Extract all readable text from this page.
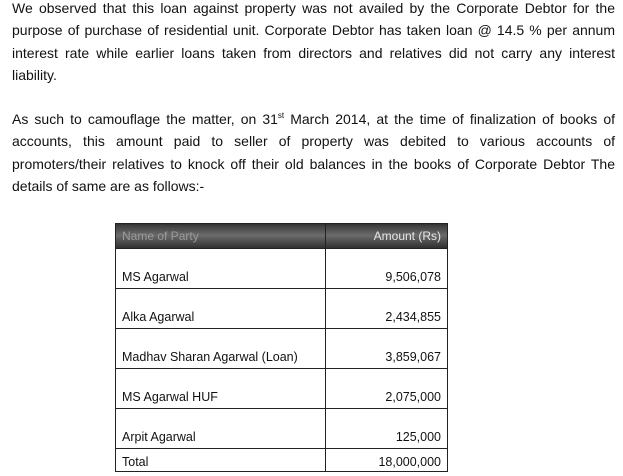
We observed that this loan against property was not availed by the Corporate Debtor for the purpose of purchase of residential unit. Corporate Debtor has taken loan @ 14.5 % per annum interest rate while earlier loans taken from directors and relatives did not carry any interest liability.

As such to camouflage the matter, on 31st March 2014, at the time of finalization of books of accounts, this amount paid to seller of property was debited to various accounts of promoters/their relatives to knock off their old balances in the books of Corporate Debtor The details of same are as follows:-

Name of Party	Amount (Rs)
MS Agarwal	9,506,078
Alka Agarwal	2,434,855
Madhav Sharan Agarwal (Loan)	3,859,067
MS Agarwal HUF	2,075,000
Arpit Agarwal	125,000
Total	18,000,000
